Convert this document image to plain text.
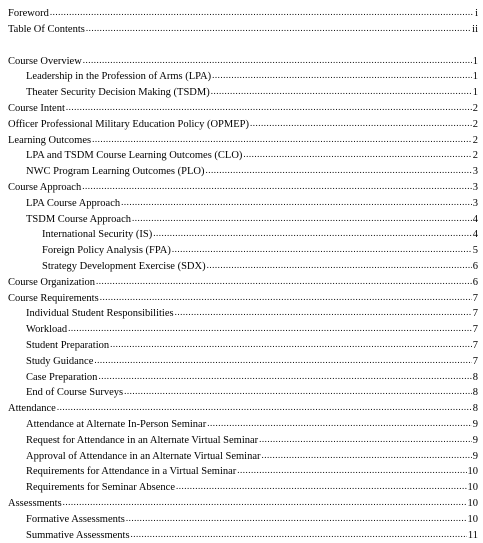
Foreword .....	i
Table Of Contents .....	ii
Course Overview .....	1
Leadership in the Profession of Arms (LPA) .....	1
Theater Security Decision Making (TSDM) .....	1
Course Intent .....	2
Officer Professional Military Education Policy (OPMEP) .....	2
Learning Outcomes .....	2
LPA and TSDM Course Learning Outcomes (CLO) .....	2
NWC Program Learning Outcomes (PLO) .....	3
Course Approach .....	3
LPA Course Approach .....	3
TSDM Course Approach .....	4
International Security (IS) .....	4
Foreign Policy Analysis (FPA) .....	5
Strategy Development Exercise (SDX) .....	6
Course Organization .....	6
Course Requirements .....	7
Individual Student Responsibilities .....	7
Workload .....	7
Student Preparation .....	7
Study Guidance .....	7
Case Preparation .....	8
End of Course Surveys .....	8
Attendance .....	8
Attendance at Alternate In-Person Seminar .....	9
Request for Attendance in an Alternate Virtual Seminar .....	9
Approval of Attendance in an Alternate Virtual Seminar .....	9
Requirements for Attendance in a Virtual Seminar .....	10
Requirements for Seminar Absence .....	10
Assessments .....	10
Formative Assessments .....	10
Summative Assessments .....	11
